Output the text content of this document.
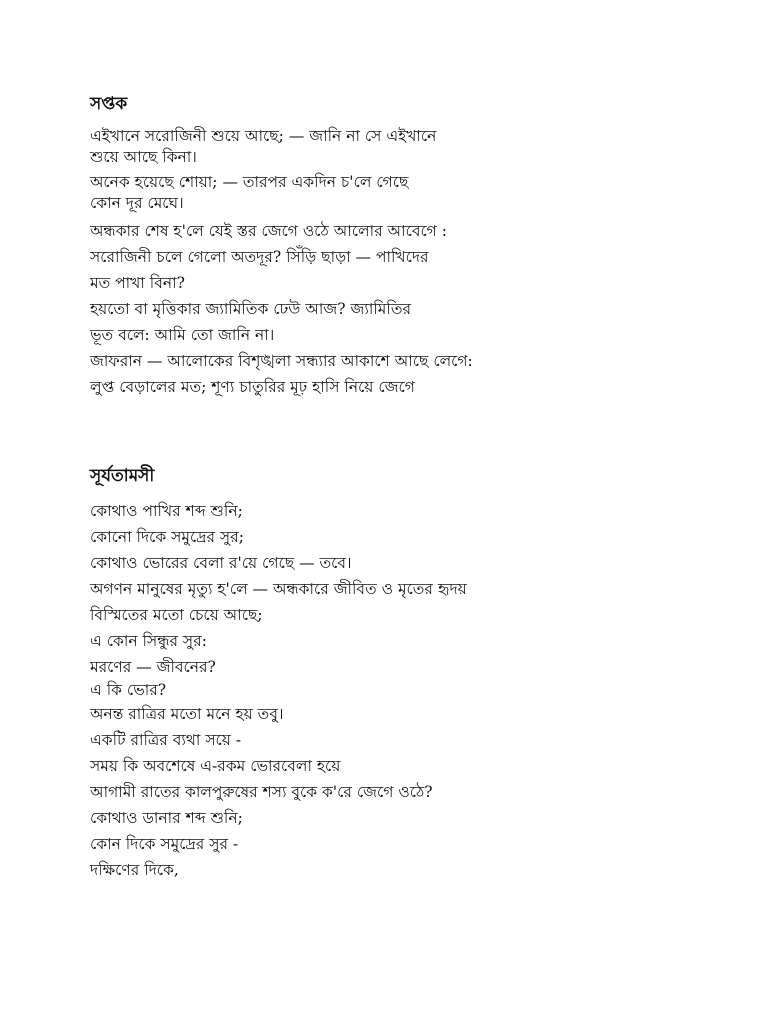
সপ্তক
এইখানে সরোজিনী শুয়ে আছে; — জানি না সে এইখানে
শুয়ে আছে কিনা।
অনেক হয়েছে শোয়া; — তারপর একদিন চ'লে গেছে
কোন দূর মেঘে।
অন্ধকার শেষ হ'লে যেই স্তর জেগে ওঠে আলোর আবেগে :
সরোজিনী চলে গেলো অতদূর? সিঁড়ি ছাড়া — পাখিদের
মত পাখা বিনা?
হয়তো বা মৃত্তিকার জ্যামিতিক ঢেউ আজ? জ্যামিতির
ভূত বলে: আমি তো জানি না।
জাফরান — আলোকের বিশৃঙ্খলা সন্ধ্যার আকাশে আছে লেগে:
লুপ্ত বেড়ালের মত; শূণ্য চাতুরির মূঢ় হাসি নিয়ে জেগে
সূর্যতামসী
কোথাও পাখির শব্দ শুনি;
কোনো দিকে সমুদ্রের সুর;
কোথাও ভোরের বেলা র'য়ে গেছে — তবে।
অগণন মানুষের মৃত্যু হ'লে — অন্ধকারে জীবিত ও মৃতের হৃদয়
বিস্মিতের মতো চেয়ে আছে;
এ কোন সিন্ধুর সুর:
মরণের — জীবনের?
এ কি ভোর?
অনন্ত রাত্রির মতো মনে হয় তবু।
একটি রাত্রির ব্যথা সয়ে -
সময় কি অবশেষে এ-রকম ভোরবেলা হয়ে
আগামী রাতের কালপুরুষের শস্য বুকে ক'রে জেগে ওঠে?
কোথাও ডানার শব্দ শুনি;
কোন দিকে সমুদ্রের সুর -
দক্ষিণের দিকে,
